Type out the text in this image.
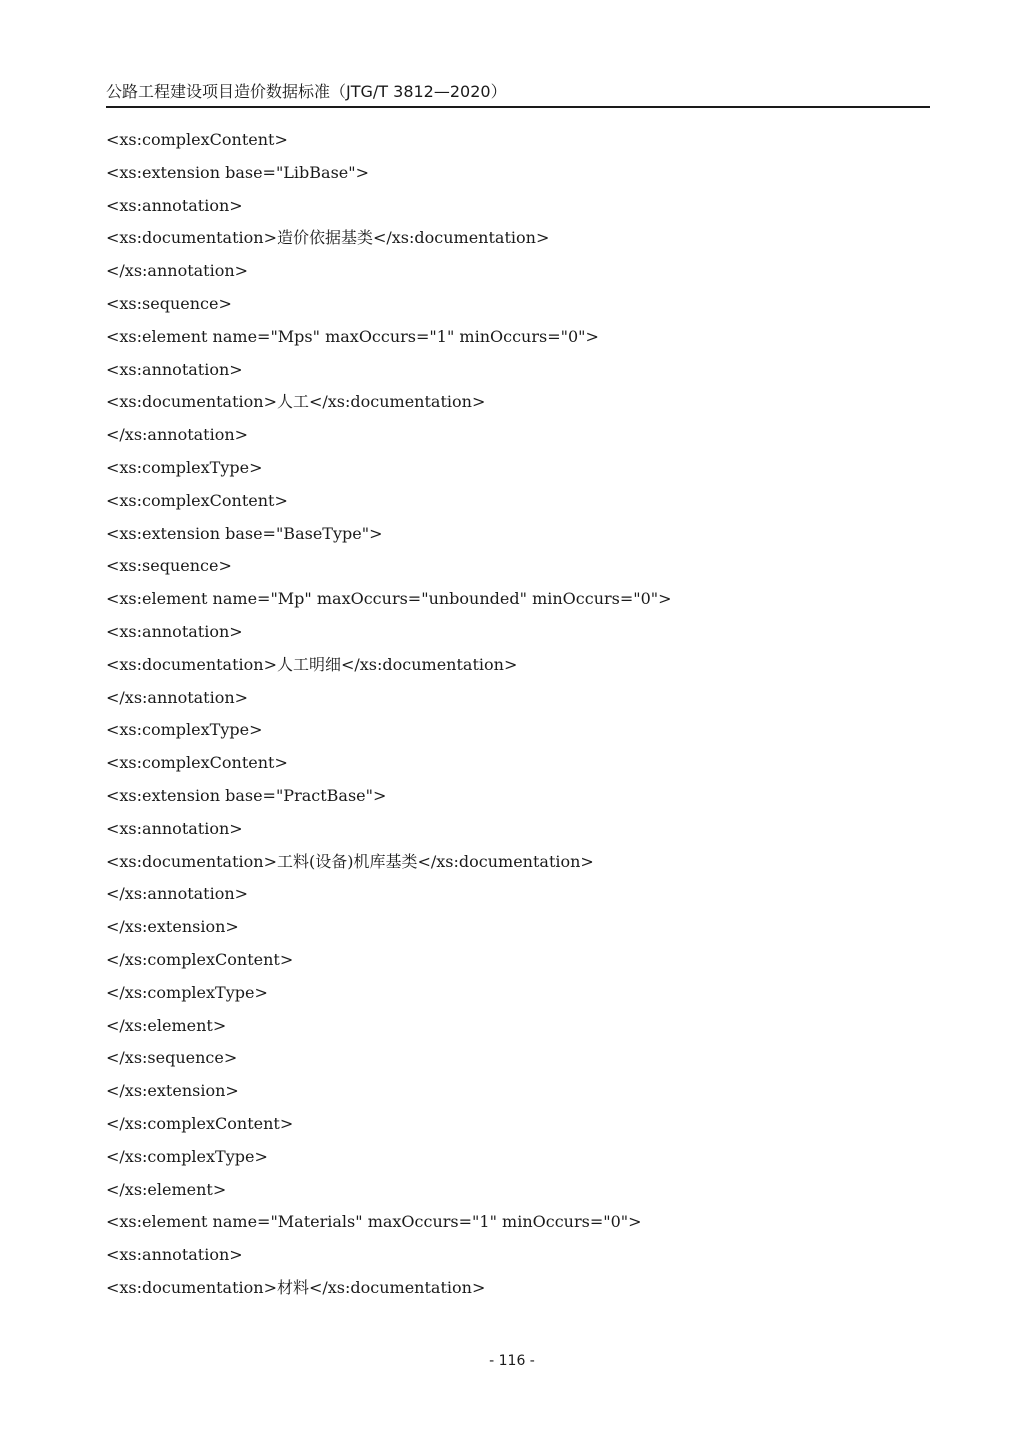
公路工程建设项目造价数据标准（JTG/T 3812—2020）
<xs:complexContent>
<xs:extension base="LibBase">
<xs:annotation>
<xs:documentation>造价依据基类</xs:documentation>
</xs:annotation>
<xs:sequence>
<xs:element name="Mps" maxOccurs="1" minOccurs="0">
<xs:annotation>
<xs:documentation>人工</xs:documentation>
</xs:annotation>
<xs:complexType>
<xs:complexContent>
<xs:extension base="BaseType">
<xs:sequence>
<xs:element name="Mp" maxOccurs="unbounded" minOccurs="0">
<xs:annotation>
<xs:documentation>人工明细</xs:documentation>
</xs:annotation>
<xs:complexType>
<xs:complexContent>
<xs:extension base="PractBase">
<xs:annotation>
<xs:documentation>工料(设备)机库基类</xs:documentation>
</xs:annotation>
</xs:extension>
</xs:complexContent>
</xs:complexType>
</xs:element>
</xs:sequence>
</xs:extension>
</xs:complexContent>
</xs:complexType>
</xs:element>
<xs:element name="Materials" maxOccurs="1" minOccurs="0">
<xs:annotation>
<xs:documentation>材料</xs:documentation>
- 116 -
